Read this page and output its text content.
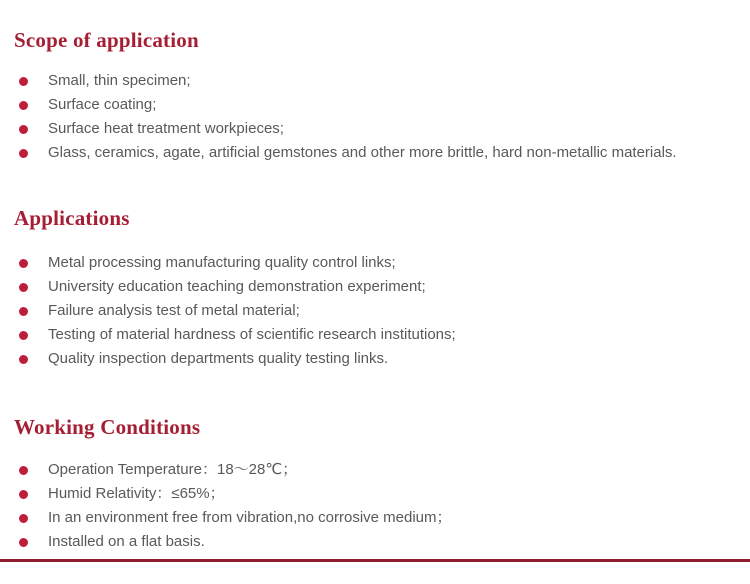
Scope of application
Small, thin specimen;
Surface coating;
Surface heat treatment workpieces;
Glass, ceramics, agate, artificial gemstones and other more brittle, hard non-metallic materials.
Applications
Metal processing manufacturing quality control links;
University education teaching demonstration experiment;
Failure analysis test of metal material;
Testing of material hardness of scientific research institutions;
Quality inspection departments quality testing links.
Working Conditions
Operation Temperature：18～28℃；
Humid Relativity：≤65%；
In an environment free from vibration,no corrosive medium；
Installed on a flat basis.
